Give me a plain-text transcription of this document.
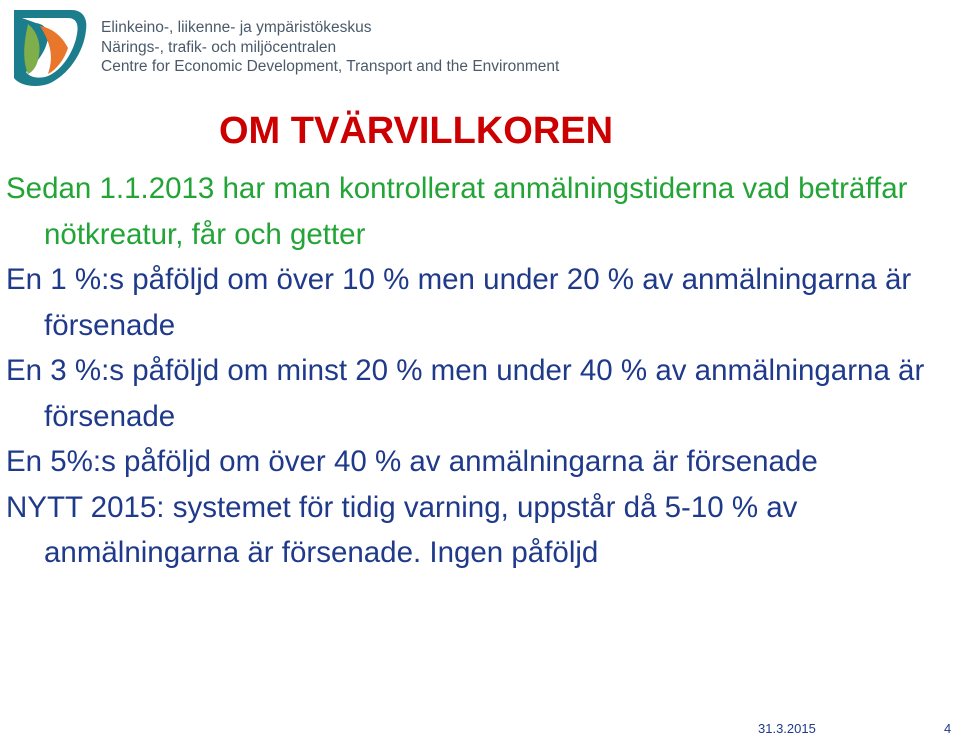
Elinkeino-, liikenne- ja ympäristökeskus
Närings-, trafik- och miljöcentralen
Centre for Economic Development, Transport and the Environment
OM TVÄRVILLKOREN

Sedan 1.1.2013 har man kontrollerat anmälningstiderna vad beträffar nötkreatur, får och getter

En 1 %:s påföljd om över 10 % men under 20 % av anmälningarna är försenade

En 3 %:s påföljd om minst 20 % men under 40 % av anmälningarna är försenade

En 5%:s påföljd om över 40 % av anmälningarna är försenade

NYTT 2015: systemet för tidig varning, uppstår då 5-10 % av anmälningarna är försenade. Ingen påföljd

31.3.2015	4
